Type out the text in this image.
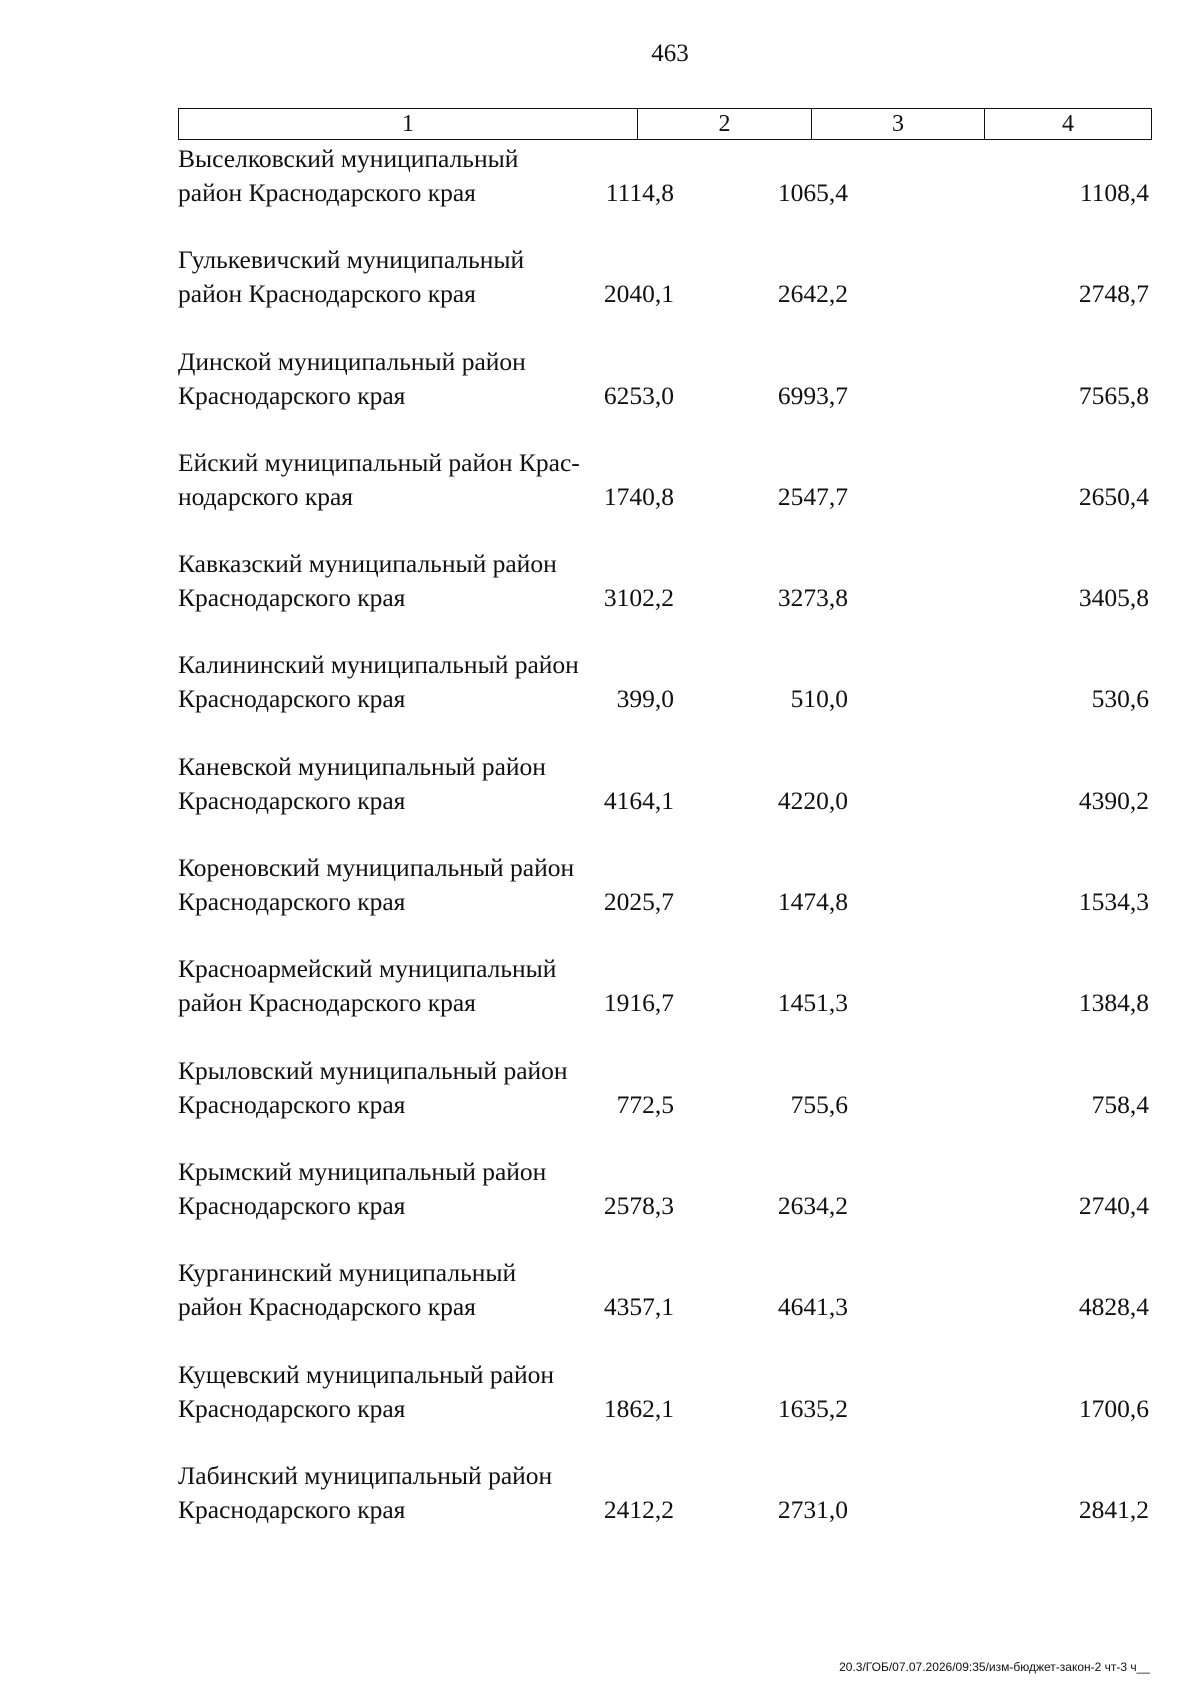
463
1	2	3	4
Выселковский муниципальный
район Краснодарского края	1114,8	1065,4	1108,4
Гулькевичский муниципальный
район Краснодарского края	2040,1	2642,2	2748,7
Динской муниципальный район
Краснодарского края	6253,0	6993,7	7565,8
Ейский муниципальный район Крас-
нодарского края	1740,8	2547,7	2650,4
Кавказский муниципальный район
Краснодарского края	3102,2	3273,8	3405,8
Калининский муниципальный район
Краснодарского края	399,0	510,0	530,6
Каневской муниципальный район
Краснодарского края	4164,1	4220,0	4390,2
Кореновский муниципальный район
Краснодарского края	2025,7	1474,8	1534,3
Красноармейский муниципальный
район Краснодарского края	1916,7	1451,3	1384,8
Крыловский муниципальный район
Краснодарского края	772,5	755,6	758,4
Крымский муниципальный район
Краснодарского края	2578,3	2634,2	2740,4
Курганинский муниципальный
район Краснодарского края	4357,1	4641,3	4828,4
Кущевский муниципальный район
Краснодарского края	1862,1	1635,2	1700,6
Лабинский муниципальный район
Краснодарского края	2412,2	2731,0	2841,2
20.3/ГОБ/07.07.2026/09:35/изм-бюджет-закон-2 чт-3 ч__
